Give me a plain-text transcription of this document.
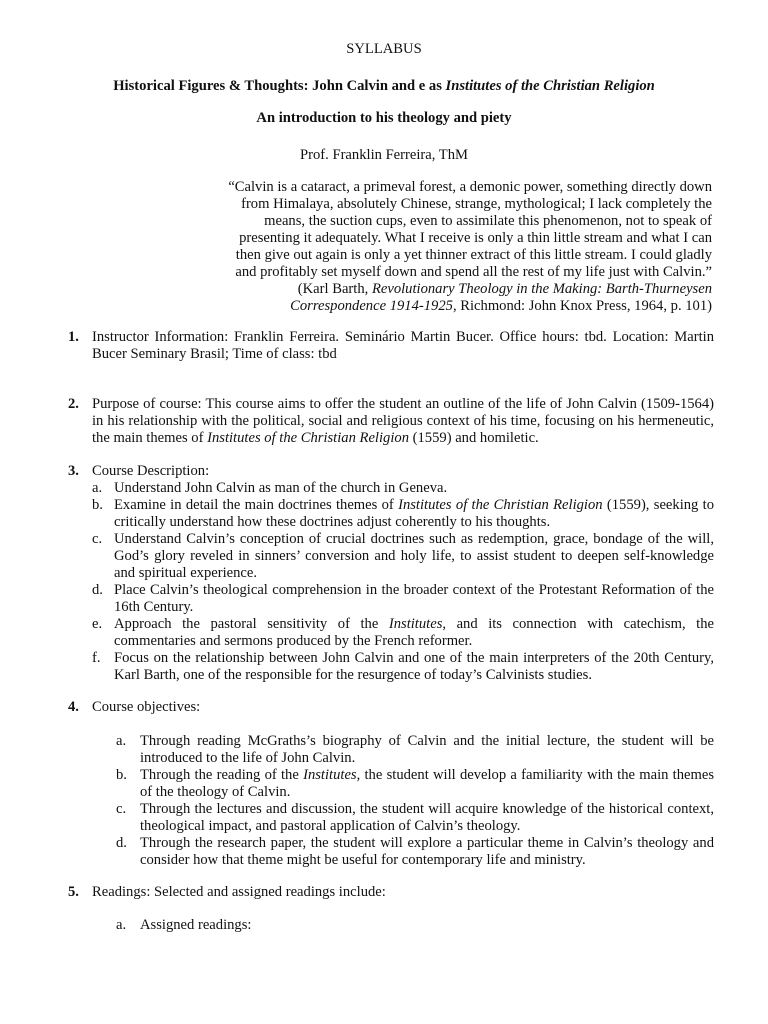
SYLLABUS
Historical Figures & Thoughts: John Calvin and e as Institutes of the Christian Religion
An introduction to his theology and piety
Prof. Franklin Ferreira, ThM
“Calvin is a cataract, a primeval forest, a demonic power, something directly down
from Himalaya, absolutely Chinese, strange, mythological; I lack completely the
means, the suction cups, even to assimilate this phenomenon, not to speak of
presenting it adequately. What I receive is only a thin little stream and what I can
then give out again is only a yet thinner extract of this little stream. I could gladly
and profitably set myself down and spend all the rest of my life just with Calvin.”
(Karl Barth, Revolutionary Theology in the Making: Barth-Thurneysen
Correspondence 1914-1925, Richmond: John Knox Press, 1964, p. 101)
1. Instructor Information: Franklin Ferreira. Seminário Martin Bucer. Office hours: tbd. Location: Martin Bucer Seminary Brasil; Time of class: tbd
2. Purpose of course: This course aims to offer the student an outline of the life of John Calvin (1509-1564) in his relationship with the political, social and religious context of his time, focusing on his hermeneutic, the main themes of Institutes of the Christian Religion (1559) and homiletic.
3. Course Description:
a. Understand John Calvin as man of the church in Geneva.
b. Examine in detail the main doctrines themes of Institutes of the Christian Religion (1559), seeking to critically understand how these doctrines adjust coherently to his thoughts.
c. Understand Calvin’s conception of crucial doctrines such as redemption, grace, bondage of the will, God’s glory reveled in sinners’ conversion and holy life, to assist student to deepen self-knowledge and spiritual experience.
d. Place Calvin’s theological comprehension in the broader context of the Protestant Reformation of the 16th Century.
e. Approach the pastoral sensitivity of the Institutes, and its connection with catechism, the commentaries and sermons produced by the French reformer.
f. Focus on the relationship between John Calvin and one of the main interpreters of the 20th Century, Karl Barth, one of the responsible for the resurgence of today’s Calvinists studies.
4. Course objectives:
a. Through reading McGraths’s biography of Calvin and the initial lecture, the student will be introduced to the life of John Calvin.
b. Through the reading of the Institutes, the student will develop a familiarity with the main themes of the theology of Calvin.
c. Through the lectures and discussion, the student will acquire knowledge of the historical context, theological impact, and pastoral application of Calvin’s theology.
d. Through the research paper, the student will explore a particular theme in Calvin’s theology and consider how that theme might be useful for contemporary life and ministry.
5. Readings: Selected and assigned readings include:
a. Assigned readings:
